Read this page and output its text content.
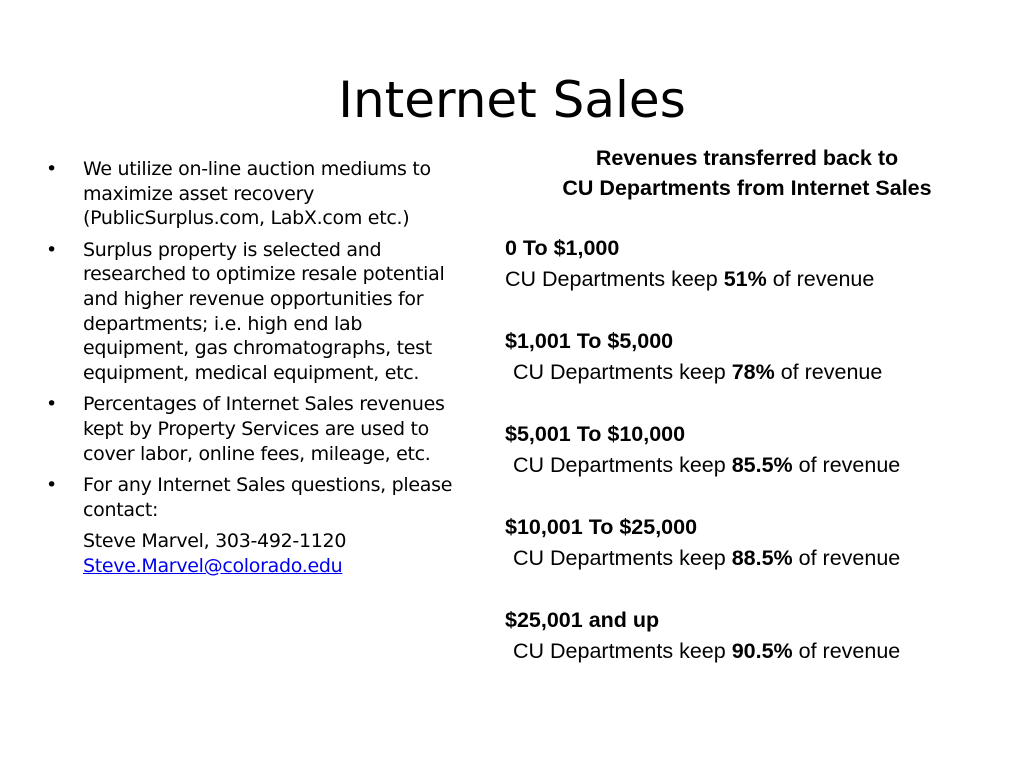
Internet Sales
• We utilize on-line auction mediums to maximize asset recovery (PublicSurplus.com, LabX.com etc.)
• Surplus property is selected and researched to optimize resale potential and higher revenue opportunities for departments; i.e. high end lab equipment, gas chromatographs, test equipment, medical equipment, etc.
• Percentages of Internet Sales revenues kept by Property Services are used to cover labor, online fees, mileage, etc.
• For any Internet Sales questions, please contact:
Steve Marvel, 303-492-1120
Steve.Marvel@colorado.edu
Revenues transferred back to
CU Departments from Internet Sales
0 To $1,000
CU Departments keep 51% of revenue
$1,001 To $5,000
CU Departments keep 78% of revenue
$5,001 To $10,000
CU Departments keep 85.5% of revenue
$10,001 To $25,000
CU Departments keep 88.5% of revenue
$25,001 and up
CU Departments keep 90.5% of revenue
